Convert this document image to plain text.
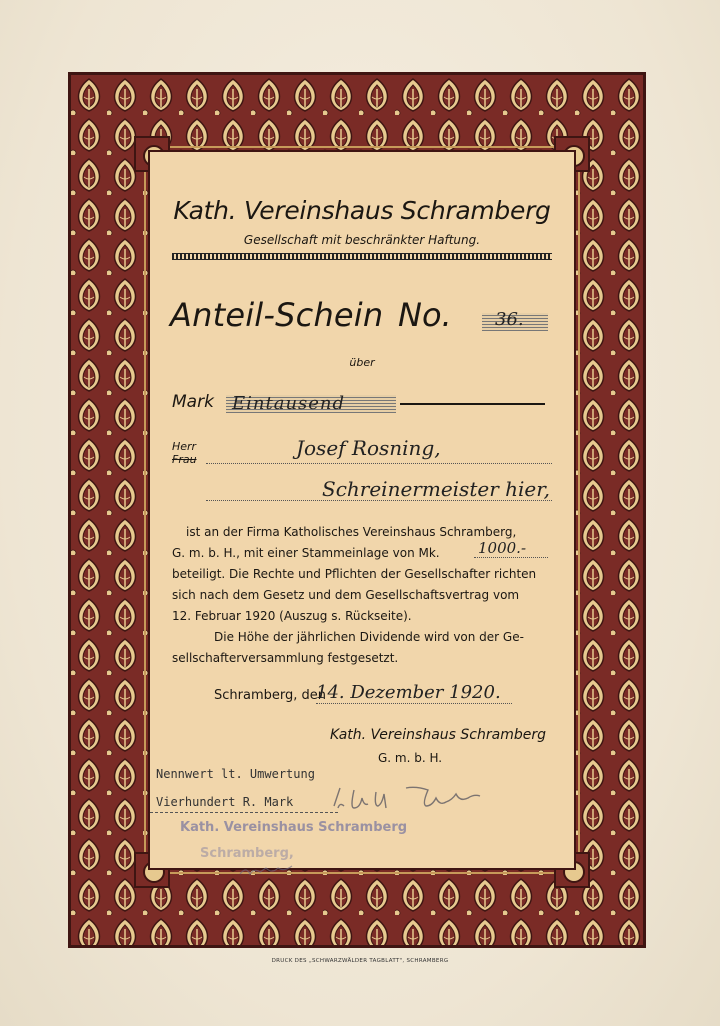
Kath. Vereinshaus Schramberg
Gesellschaft mit beschränkter Haftung.
Anteil-Schein No. 36.
über
Mark Eintausend
Herr
Frau	Josef Rosning,
Schreinermeister hier,
ist an der Firma Katholisches Vereinshaus Schramberg,
G. m. b. H., mit einer Stammeinlage von Mk.	1000.-
beteiligt. Die Rechte und Pflichten der Gesellschafter richten
sich nach dem Gesetz und dem Gesellschaftsvertrag vom
12. Februar 1920 (Auszug s. Rückseite).
Die Höhe der jährlichen Dividende wird von der Ge-
sellschafterversammlung festgesetzt.
Schramberg, den
14. Dezember 1920.
Kath. Vereinshaus Schramberg
G. m. b. H.
Nennwert lt. Umwertung
Vierhundert R. Mark
Kath. Vereinshaus Schramberg
Schramberg,
DRUCK DES „SCHWARZWÄLDER TAGBLATT", SCHRAMBERG
